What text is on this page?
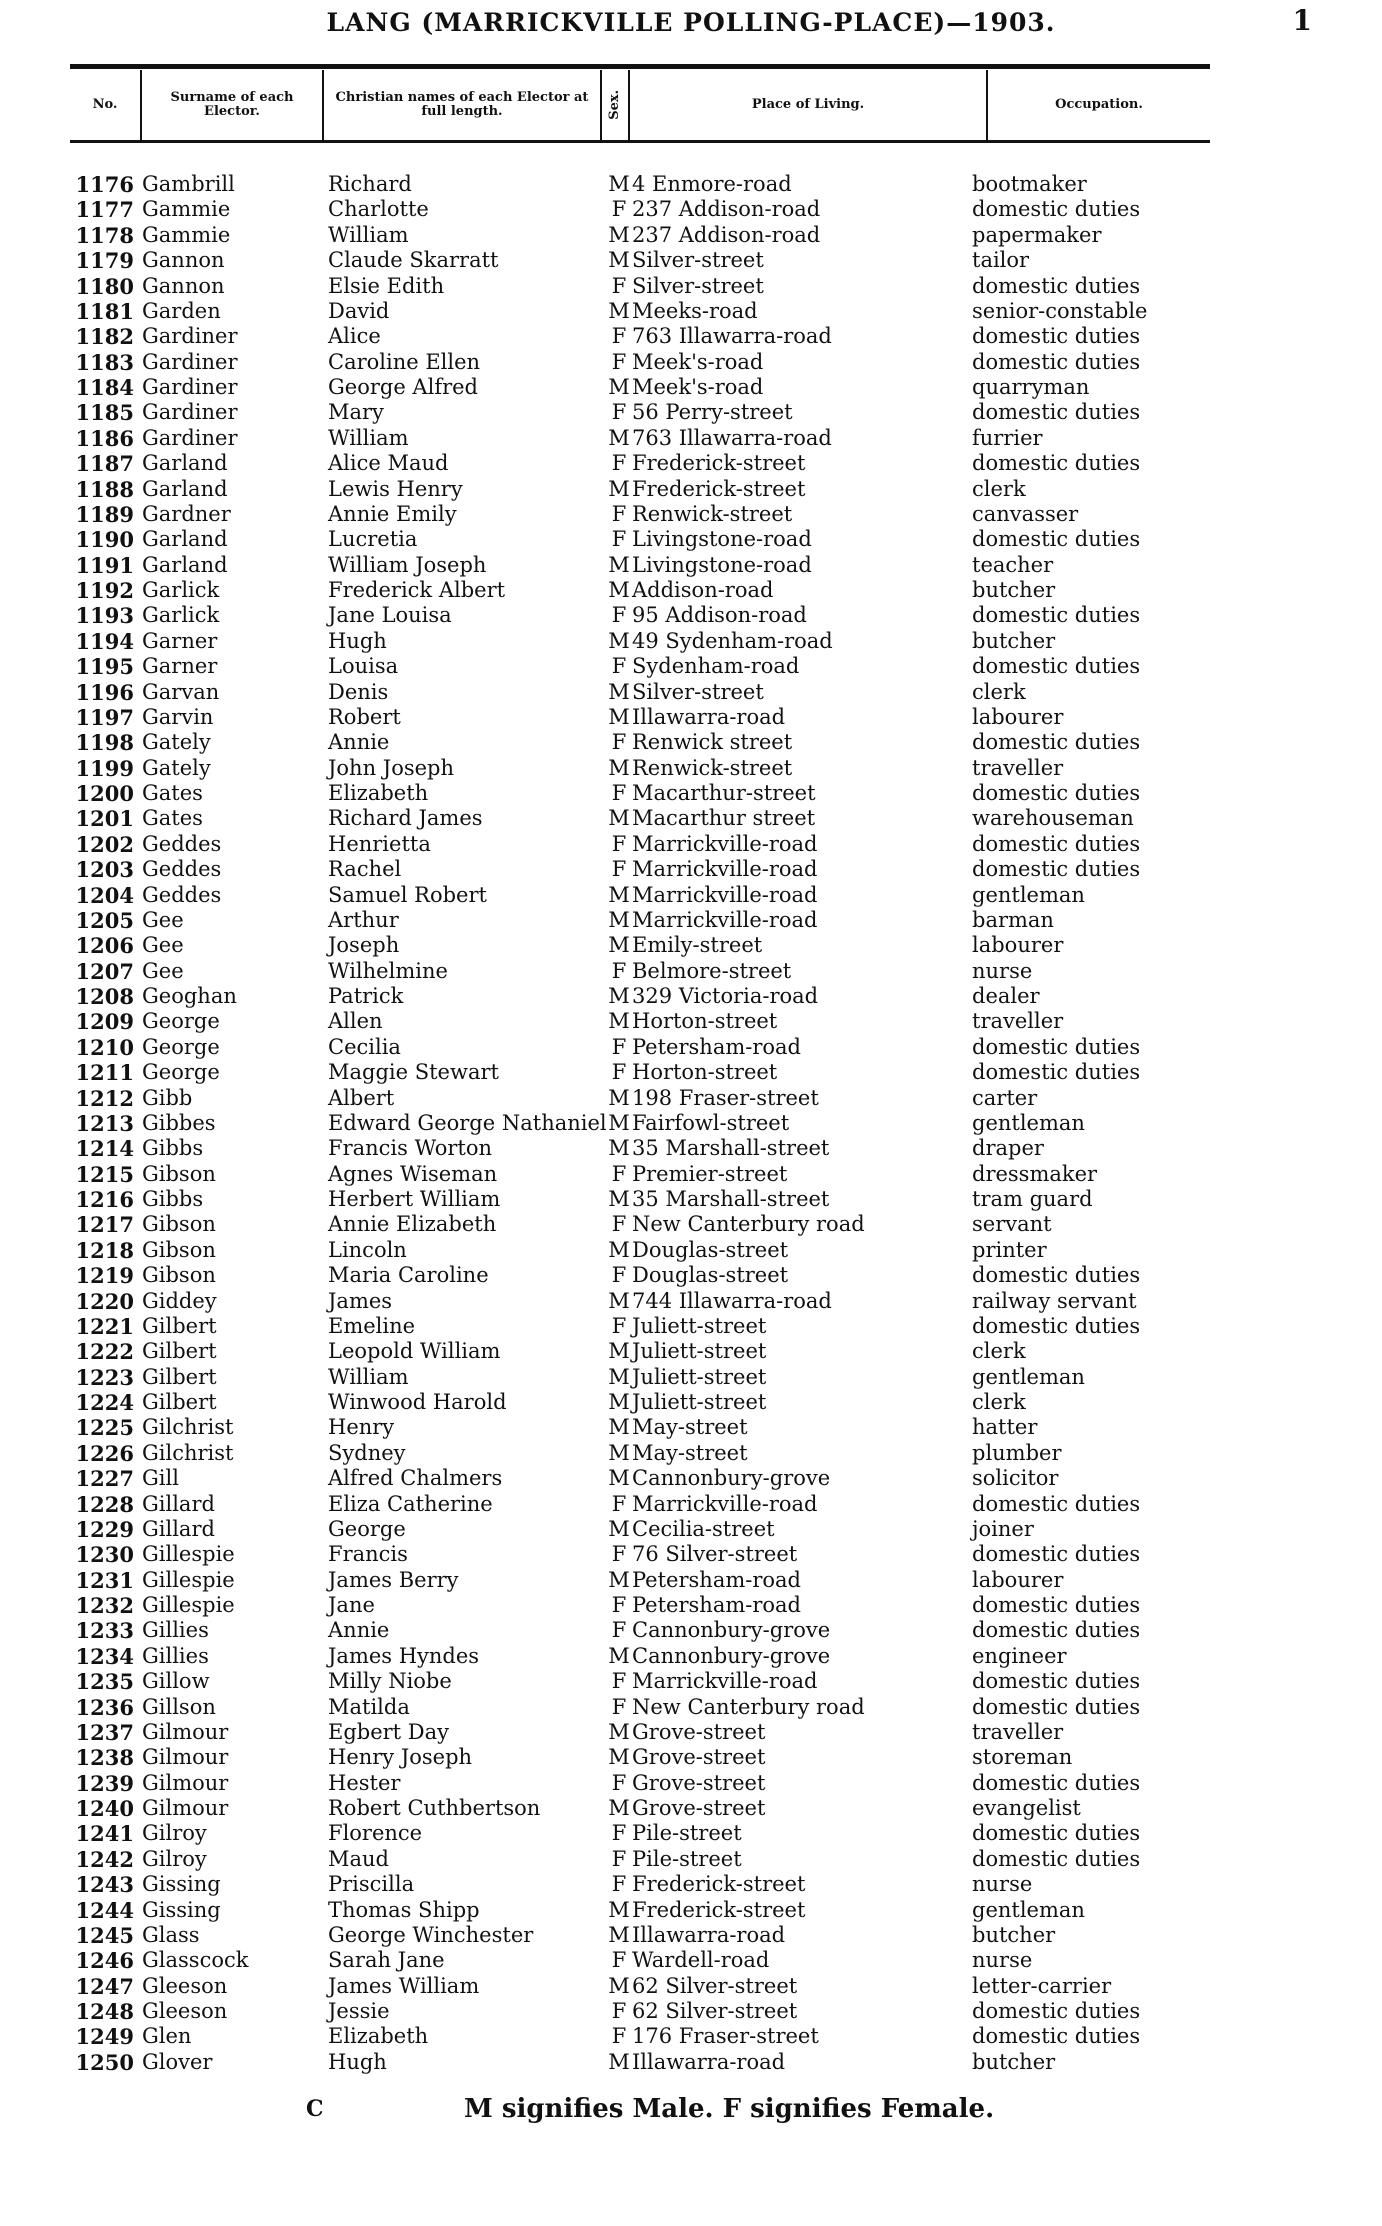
LANG (MARRICKVILLE POLLING-PLACE)—1903.	1
No.	Surname of each Elector.
Christian names of each Elector at full length.	Sex.	Place of Living.	Occupation.
1176 Gambrill	Richard	M 4 Enmore-road	bootmaker
1177 Gammie	Charlotte	F 237 Addison-road	domestic duties
1178 Gammie	William	M 237 Addison-road	papermaker
1179 Gannon	Claude Skarratt	M Silver-street	tailor
1180 Gannon	Elsie Edith	F Silver-street	domestic duties
1181 Garden	David	M Meeks-road	senior-constable
1182 Gardiner	Alice	F 763 Illawarra-road	domestic duties
1183 Gardiner	Caroline Ellen	F Meek's-road	domestic duties
1184 Gardiner	George Alfred	M Meek's-road	quarryman
1185 Gardiner	Mary	F 56 Perry-street	domestic duties
1186 Gardiner	William	M 763 Illawarra-road	furrier
1187 Garland	Alice Maud	F Frederick-street	domestic duties
1188 Garland	Lewis Henry	M Frederick-street	clerk
1189 Gardner	Annie Emily	F Renwick-street	canvasser
1190 Garland	Lucretia	F Livingstone-road	domestic duties
1191 Garland	William Joseph	M Livingstone-road	teacher
1192 Garlick	Frederick Albert	M Addison-road	butcher
1193 Garlick	Jane Louisa	F 95 Addison-road	domestic duties
1194 Garner	Hugh	M 49 Sydenham-road	butcher
1195 Garner	Louisa	F Sydenham-road	domestic duties
1196 Garvan	Denis	M Silver-street	clerk
1197 Garvin	Robert	M Illawarra-road	labourer
1198 Gately	Annie	F Renwick street	domestic duties
1199 Gately	John Joseph	M Renwick-street	traveller
1200 Gates	Elizabeth	F Macarthur-street	domestic duties
1201 Gates	Richard James	M Macarthur street	warehouseman
1202 Geddes	Henrietta	F Marrickville-road	domestic duties
1203 Geddes	Rachel	F Marrickville-road	domestic duties
1204 Geddes	Samuel Robert	M Marrickville-road	gentleman
1205 Gee	Arthur	M Marrickville-road	barman
1206 Gee	Joseph	M Emily-street	labourer
1207 Gee	Wilhelmine	F Belmore-street	nurse
1208 Geoghan	Patrick	M 329 Victoria-road	dealer
1209 George	Allen	M Horton-street	traveller
1210 George	Cecilia	F Petersham-road	domestic duties
1211 George	Maggie Stewart	F Horton-street	domestic duties
1212 Gibb	Albert	M 198 Fraser-street	carter
1213 Gibbes	Edward George Nathaniel M Fairfowl-street	gentleman
1214 Gibbs	Francis Worton	M 35 Marshall-street	draper
1215 Gibson	Agnes Wiseman	F Premier-street	dressmaker
1216 Gibbs	Herbert William	M 35 Marshall-street	tram guard
1217 Gibson	Annie Elizabeth	F New Canterbury road	servant
1218 Gibson	Lincoln	M Douglas-street	printer
1219 Gibson	Maria Caroline	F Douglas-street	domestic duties
1220 Giddey	James	M 744 Illawarra-road	railway servant
1221 Gilbert	Emeline	F Juliett-street	domestic duties
1222 Gilbert	Leopold William	M Juliett-street	clerk
1223 Gilbert	William	M Juliett-street	gentleman
1224 Gilbert	Winwood Harold	M Juliett-street	clerk
1225 Gilchrist	Henry	M May-street	hatter
1226 Gilchrist	Sydney	M May-street	plumber
1227 Gill	Alfred Chalmers	M Cannonbury-grove	solicitor
1228 Gillard	Eliza Catherine	F Marrickville-road	domestic duties
1229 Gillard	George	M Cecilia-street	joiner
1230 Gillespie	Francis	F 76 Silver-street	domestic duties
1231 Gillespie	James Berry	M Petersham-road	labourer
1232 Gillespie	Jane	F Petersham-road	domestic duties
1233 Gillies	Annie	F Cannonbury-grove	domestic duties
1234 Gillies	James Hyndes	M Cannonbury-grove	engineer
1235 Gillow	Milly Niobe	F Marrickville-road	domestic duties
1236 Gillson	Matilda	F New Canterbury road	domestic duties
1237 Gilmour	Egbert Day	M Grove-street	traveller
1238 Gilmour	Henry Joseph	M Grove-street	storeman
1239 Gilmour	Hester	F Grove-street	domestic duties
1240 Gilmour	Robert Cuthbertson	M Grove-street	evangelist
1241 Gilroy	Florence	F Pile-street	domestic duties
1242 Gilroy	Maud	F Pile-street	domestic duties
1243 Gissing	Priscilla	F Frederick-street	nurse
1244 Gissing	Thomas Shipp	M Frederick-street	gentleman
1245 Glass	George Winchester	M Illawarra-road	butcher
1246 Glasscock	Sarah Jane	F Wardell-road	nurse
1247 Gleeson	James William	M 62 Silver-street	letter-carrier
1248 Gleeson	Jessie	F 62 Silver-street	domestic duties
1249 Glen	Elizabeth	F 176 Fraser-street	domestic duties
1250 Glover	Hugh	M Illawarra-road	butcher
C	M signifies Male. F signifies Female.
